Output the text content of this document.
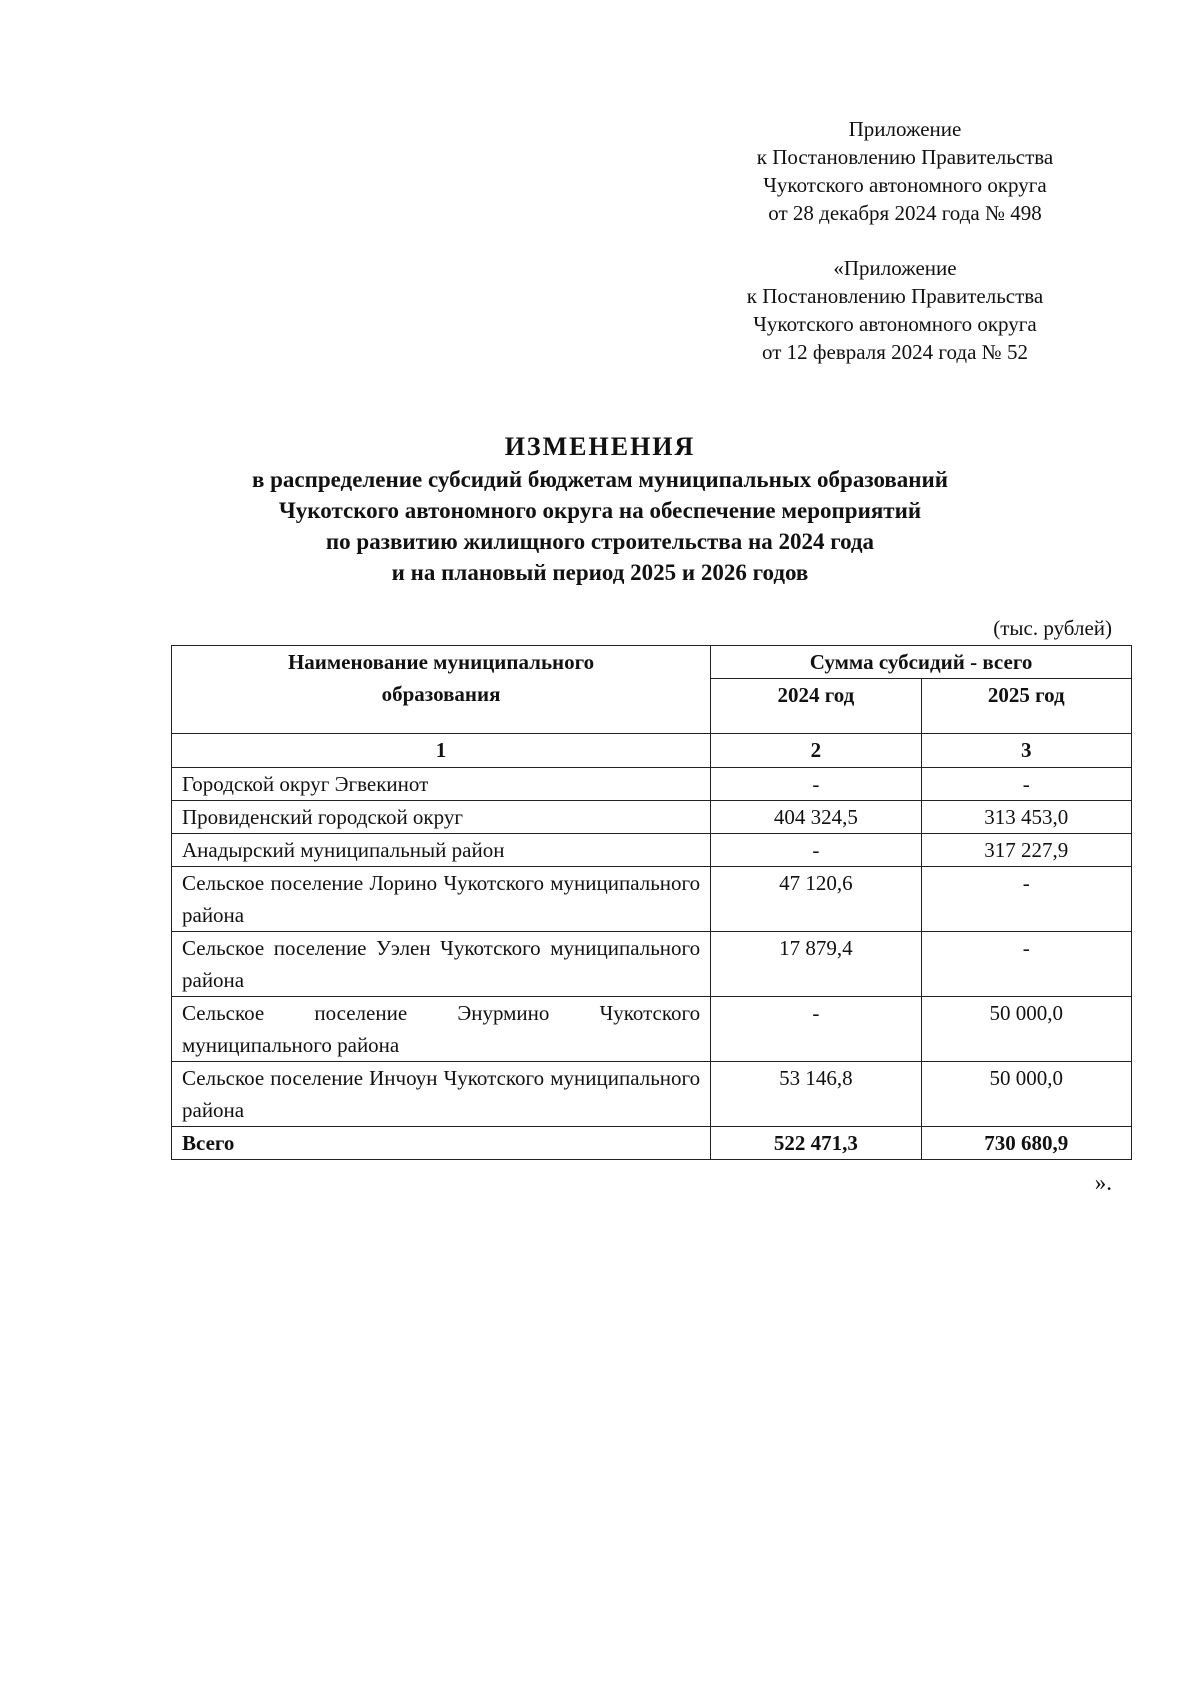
Приложение
к Постановлению Правительства
Чукотского автономного округа
от 28 декабря 2024 года № 498
«Приложение
к Постановлению Правительства
Чукотского автономного округа
от 12 февраля 2024 года № 52
ИЗМЕНЕНИЯ
в распределение субсидий бюджетам муниципальных образований
Чукотского автономного округа на обеспечение мероприятий
по развитию жилищного строительства на 2024 года
и на плановый период 2025 и 2026 годов
(тыс. рублей)
Наименование муниципального
образования	Сумма субсидий - всего	
	2024 год	2025 год
1	2	3
Городской округ Эгвекинот	-	-
Провиденский городской округ	404 324,5	313 453,0
Анадырский муниципальный район	-	317 227,9
Сельское поселение Лорино Чукотского муниципального района	47 120,6	-
Сельское поселение Уэлен Чукотского муниципального района	17 879,4	-
Сельское поселение Энурмино Чукотского муниципального района	-	50 000,0
Сельское поселение Инчоун Чукотского муниципального района	53 146,8	50 000,0
Всего	522 471,3	730 680,9
».
